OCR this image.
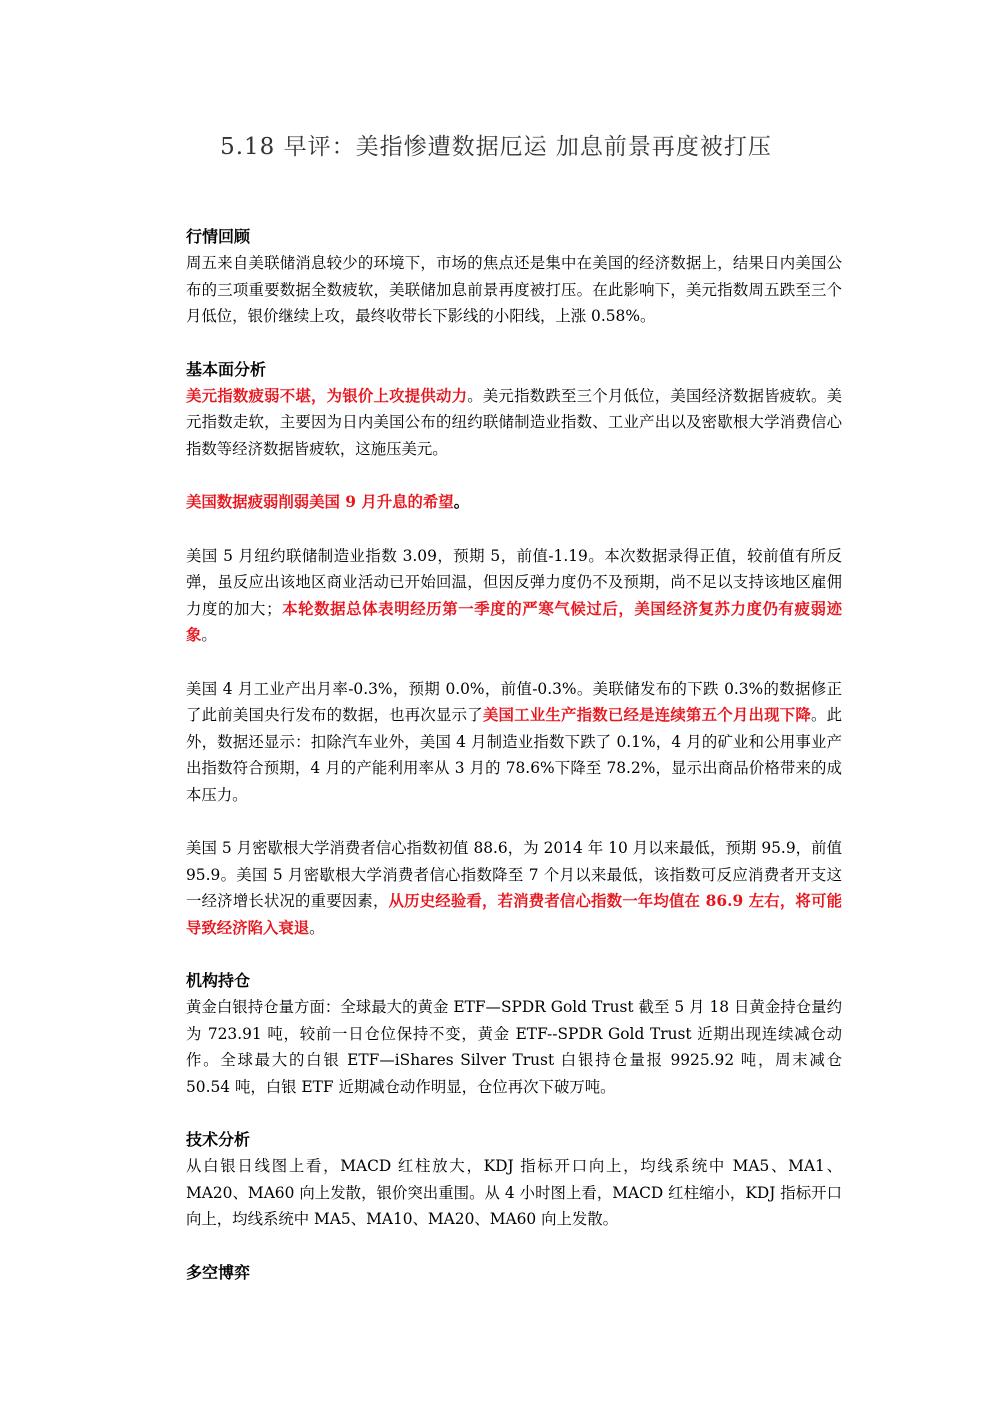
5.18 早评：美指惨遭数据厄运 加息前景再度被打压

行情回顾

周五来自美联储消息较少的环境下，市场的焦点还是集中在美国的经济数据上，结果日内美国公布的三项重要数据全数疲软，美联储加息前景再度被打压。在此影响下，美元指数周五跌至三个月低位，银价继续上攻，最终收带长下影线的小阳线，上涨 0.58%。

基本面分析

美元指数疲弱不堪，为银价上攻提供动力。美元指数跌至三个月低位，美国经济数据皆疲软。美元指数走软，主要因为日内美国公布的纽约联储制造业指数、工业产出以及密歇根大学消费信心指数等经济数据皆疲软，这施压美元。

美国数据疲弱削弱美国 9 月升息的希望。

美国 5 月纽约联储制造业指数 3.09，预期 5，前值-1.19。本次数据录得正值，较前值有所反弹，虽反应出该地区商业活动已开始回温，但因反弹力度仍不及预期，尚不足以支持该地区雇佣力度的加大；本轮数据总体表明经历第一季度的严寒气候过后，美国经济复苏力度仍有疲弱迹象。

美国 4 月工业产出月率-0.3%，预期 0.0%，前值-0.3%。美联储发布的下跌 0.3%的数据修正了此前美国央行发布的数据，也再次显示了美国工业生产指数已经是连续第五个月出现下降。此外，数据还显示：扣除汽车业外，美国 4 月制造业指数下跌了 0.1%，4 月的矿业和公用事业产出指数符合预期，4 月的产能利用率从 3 月的 78.6%下降至 78.2%，显示出商品价格带来的成本压力。

美国 5 月密歇根大学消费者信心指数初值 88.6，为 2014 年 10 月以来最低，预期 95.9，前值 95.9。美国 5 月密歇根大学消费者信心指数降至 7 个月以来最低，该指数可反应消费者开支这一经济增长状况的重要因素，从历史经验看，若消费者信心指数一年均值在 86.9 左右，将可能导致经济陷入衰退。

机构持仓

黄金白银持仓量方面：全球最大的黄金 ETF—SPDR Gold Trust 截至 5 月 18 日黄金持仓量约为 723.91 吨，较前一日仓位保持不变，黄金 ETF--SPDR Gold Trust 近期出现连续减仓动作。全球最大的白银 ETF—iShares Silver Trust 白银持仓量报 9925.92 吨，周末减仓 50.54 吨，白银 ETF 近期减仓动作明显，仓位再次下破万吨。

技术分析

从白银日线图上看，MACD 红柱放大，KDJ 指标开口向上，均线系统中 MA5、MA1、MA20、MA60 向上发散，银价突出重围。从 4 小时图上看，MACD 红柱缩小，KDJ 指标开口向上，均线系统中 MA5、MA10、MA20、MA60 向上发散。

多空博弈
